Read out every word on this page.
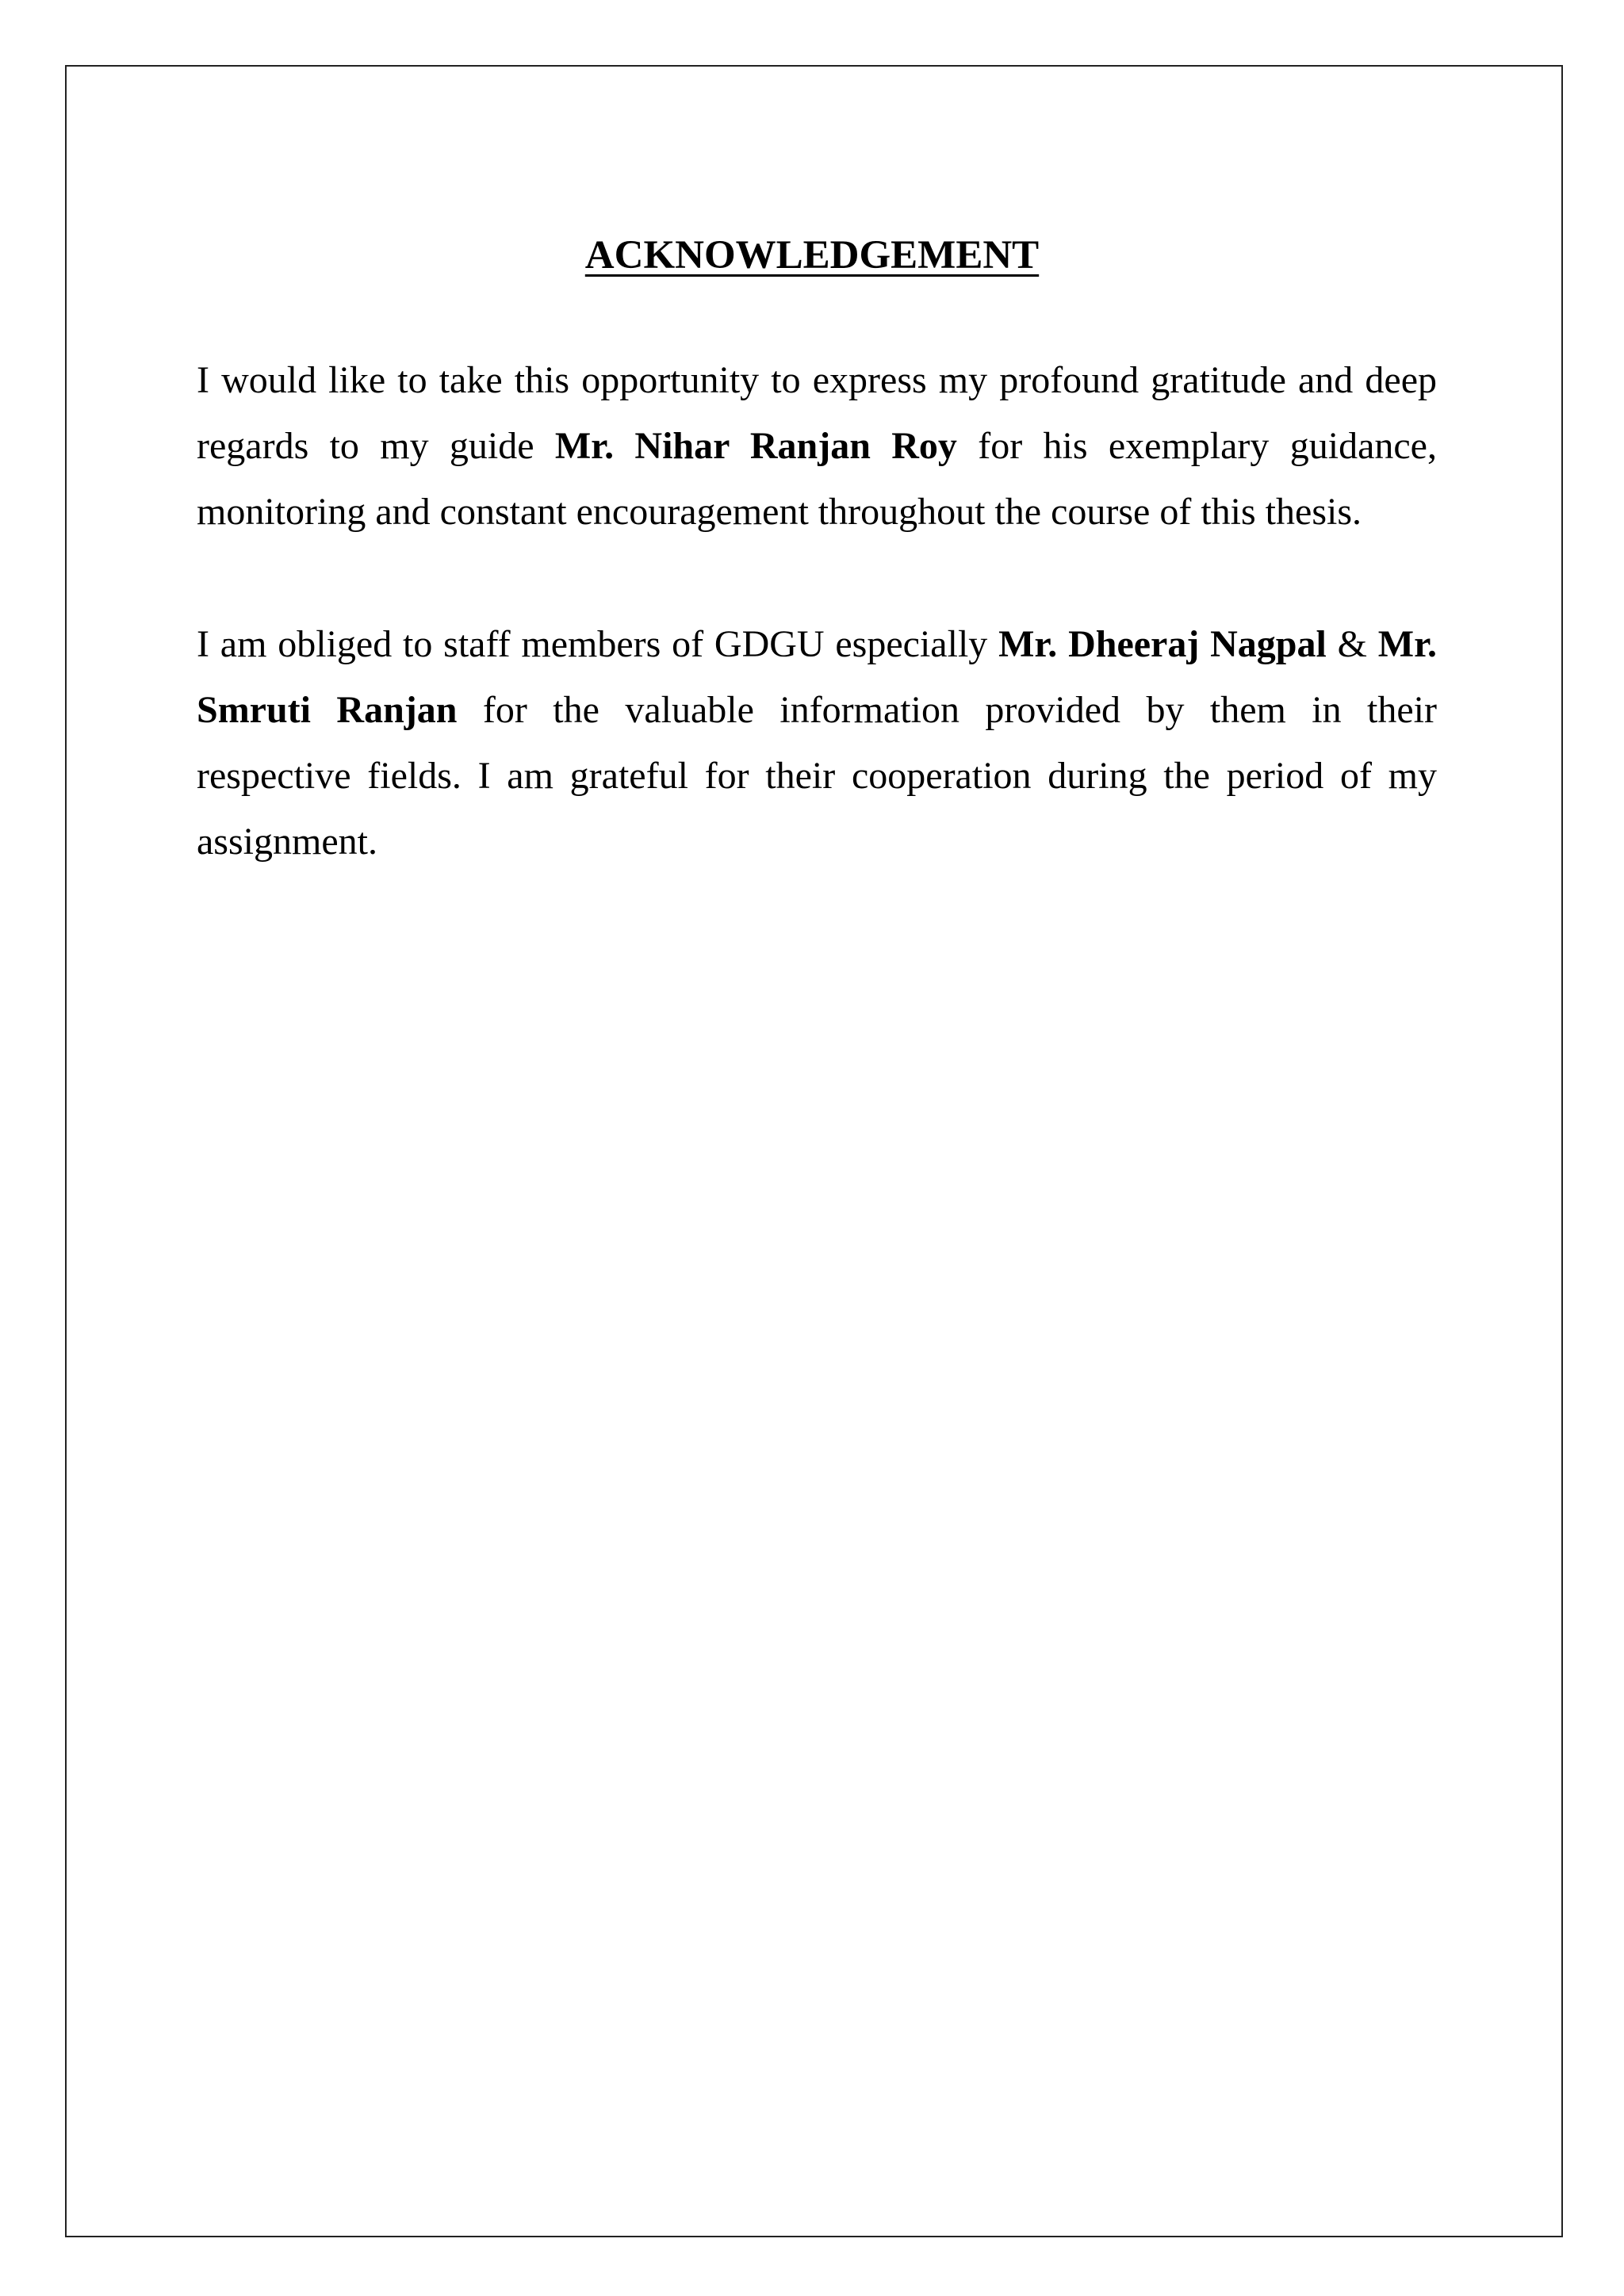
ACKNOWLEDGEMENT

I would like to take this opportunity to express my profound gratitude and deep regards to my guide Mr. Nihar Ranjan Roy for his exemplary guidance, monitoring and constant encouragement throughout the course of this thesis.

I am obliged to staff members of GDGU especially Mr. Dheeraj Nagpal & Mr. Smruti Ranjan for the valuable information provided by them in their respective fields. I am grateful for their cooperation during the period of my assignment.
